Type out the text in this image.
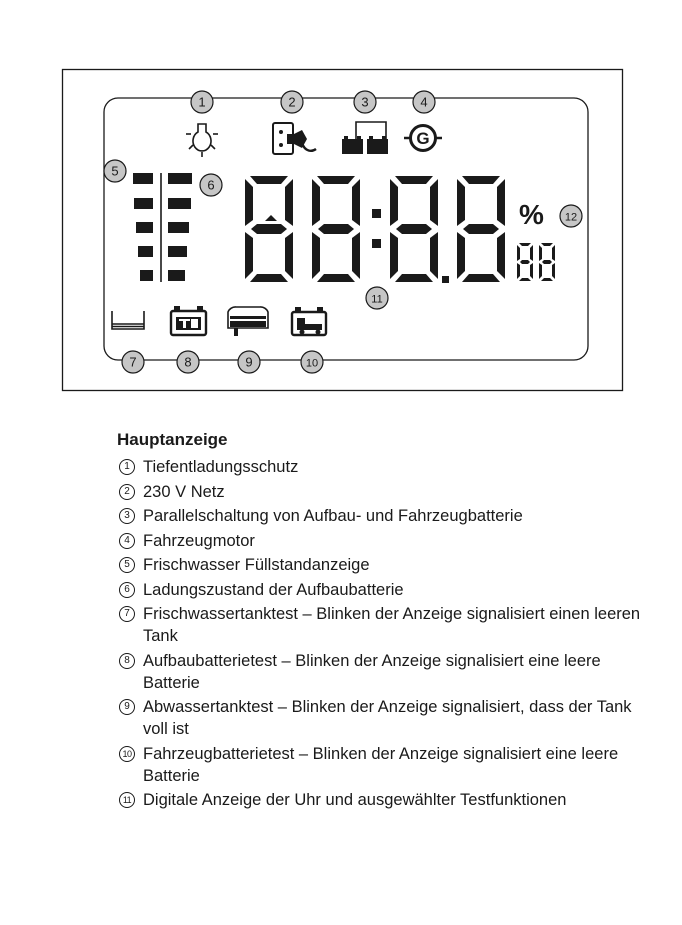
G
%
1	2	3	4
5
6
7	8	9	10
11
12
Hauptanzeige
1 Tiefentladungsschutz
2 230 V Netz
3 Parallelschaltung von Aufbau- und Fahrzeugbatterie
4 Fahrzeugmotor
5 Frischwasser Füllstandanzeige
6 Ladungszustand der Aufbaubatterie
7 Frischwassertanktest – Blinken der Anzeige signalisiert einen leeren Tank
8 Aufbaubatterietest – Blinken der Anzeige signalisiert eine leere Batterie
9 Abwassertanktest – Blinken der Anzeige signalisiert, dass der Tank voll ist
10 Fahrzeugbatterietest – Blinken der Anzeige signalisiert eine leere Batterie
11 Digitale Anzeige der Uhr und ausgewählter Testfunktionen
